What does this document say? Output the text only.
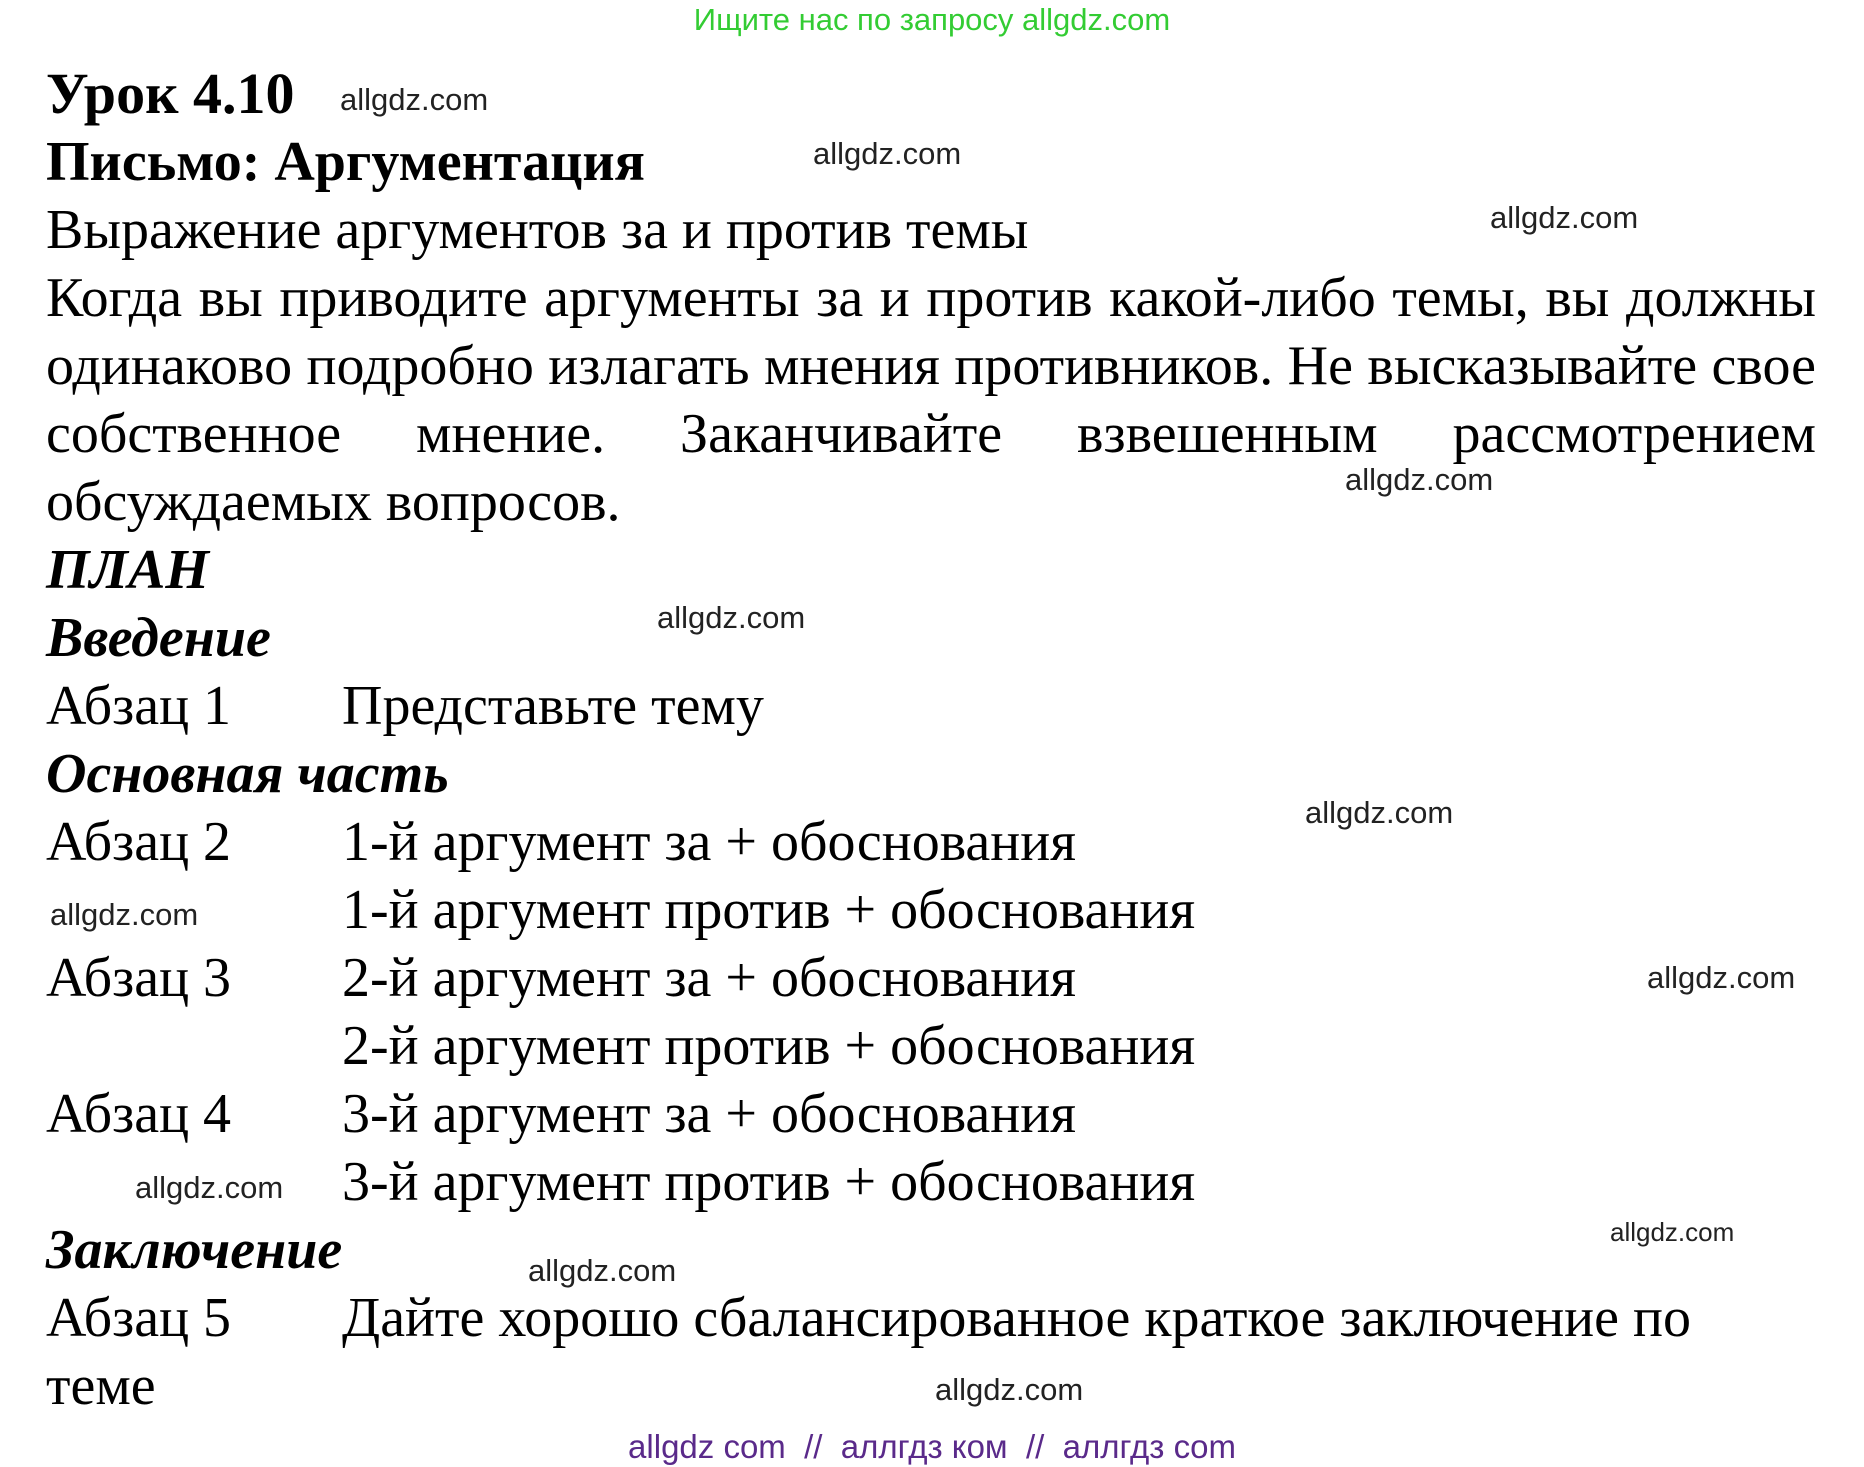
Ищите нас по запросу allgdz.com
Урок 4.10
Письмо: Аргументация
Выражение аргументов за и против темы
Когда вы приводите аргументы за и против какой-либо темы, вы должны одинаково подробно излагать мнения противников. Не высказывайте свое собственное мнение. Заканчивайте взвешенным рассмотрением обсуждаемых вопросов.
ПЛАН
Введение
Абзац 1	Представьте тему
Основная часть
Абзац 2	1-й аргумент за + обоснования
1-й аргумент против + обоснования
Абзац 3	2-й аргумент за + обоснования
2-й аргумент против + обоснования
Абзац 4	3-й аргумент за + обоснования
3-й аргумент против + обоснования
Заключение
Абзац 5	Дайте хорошо сбалансированное краткое заключение по
теме
allgdz.com
allgdz.com
allgdz.com
allgdz.com
allgdz.com
allgdz.com
allgdz.com
allgdz.com
allgdz.com
allgdz.com
allgdz.com
allgdz.com
allgdz com  //  аллгдз ком  //  аллгдз com
